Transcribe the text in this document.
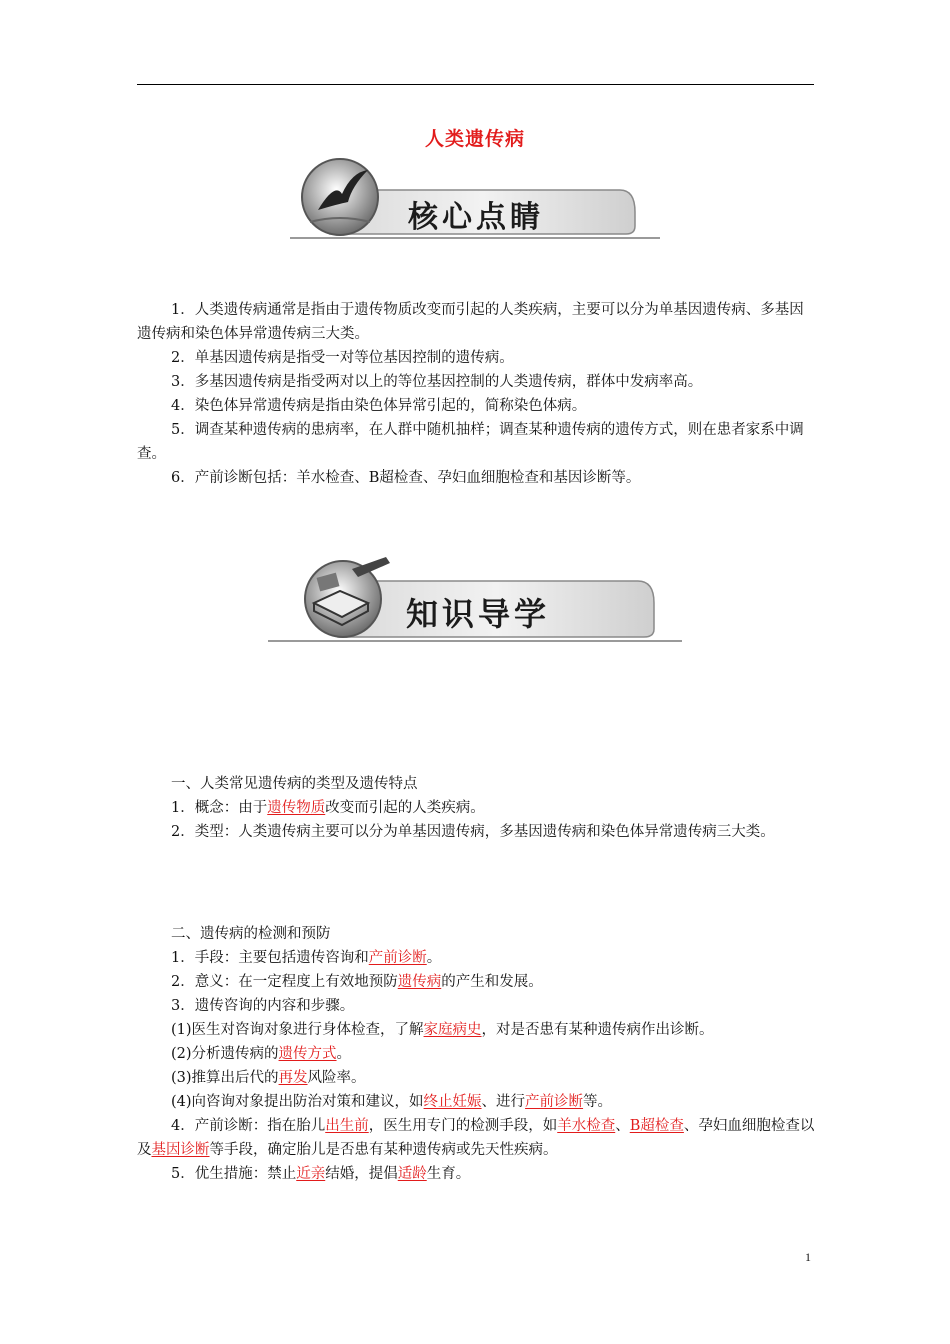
人类遗传病
核心点睛

1．人类遗传病通常是指由于遗传物质改变而引起的人类疾病，主要可以分为单基因遗传病、多基因遗传病和染色体异常遗传病三大类。

2．单基因遗传病是指受一对等位基因控制的遗传病。

3．多基因遗传病是指受两对以上的等位基因控制的人类遗传病，群体中发病率高。

4．染色体异常遗传病是指由染色体异常引起的，简称染色体病。

5．调查某种遗传病的患病率，在人群中随机抽样；调查某种遗传病的遗传方式，则在患者家系中调查。

6．产前诊断包括：羊水检查、B超检查、孕妇血细胞检查和基因诊断等。

知识导学

一、人类常见遗传病的类型及遗传特点

1．概念：由于遗传物质改变而引起的人类疾病。

2．类型：人类遗传病主要可以分为单基因遗传病，多基因遗传病和染色体异常遗传病三大类。

二、遗传病的检测和预防

1．手段：主要包括遗传咨询和产前诊断。

2．意义：在一定程度上有效地预防遗传病的产生和发展。

3．遗传咨询的内容和步骤。

(1)医生对咨询对象进行身体检查，了解家庭病史，对是否患有某种遗传病作出诊断。

(2)分析遗传病的遗传方式。

(3)推算出后代的再发风险率。

(4)向咨询对象提出防治对策和建议，如终止妊娠、进行产前诊断等。

4．产前诊断：指在胎儿出生前，医生用专门的检测手段，如羊水检查、B超检查、孕妇血细胞检查以及基因诊断等手段，确定胎儿是否患有某种遗传病或先天性疾病。

5．优生措施：禁止近亲结婚，提倡适龄生育。

1
